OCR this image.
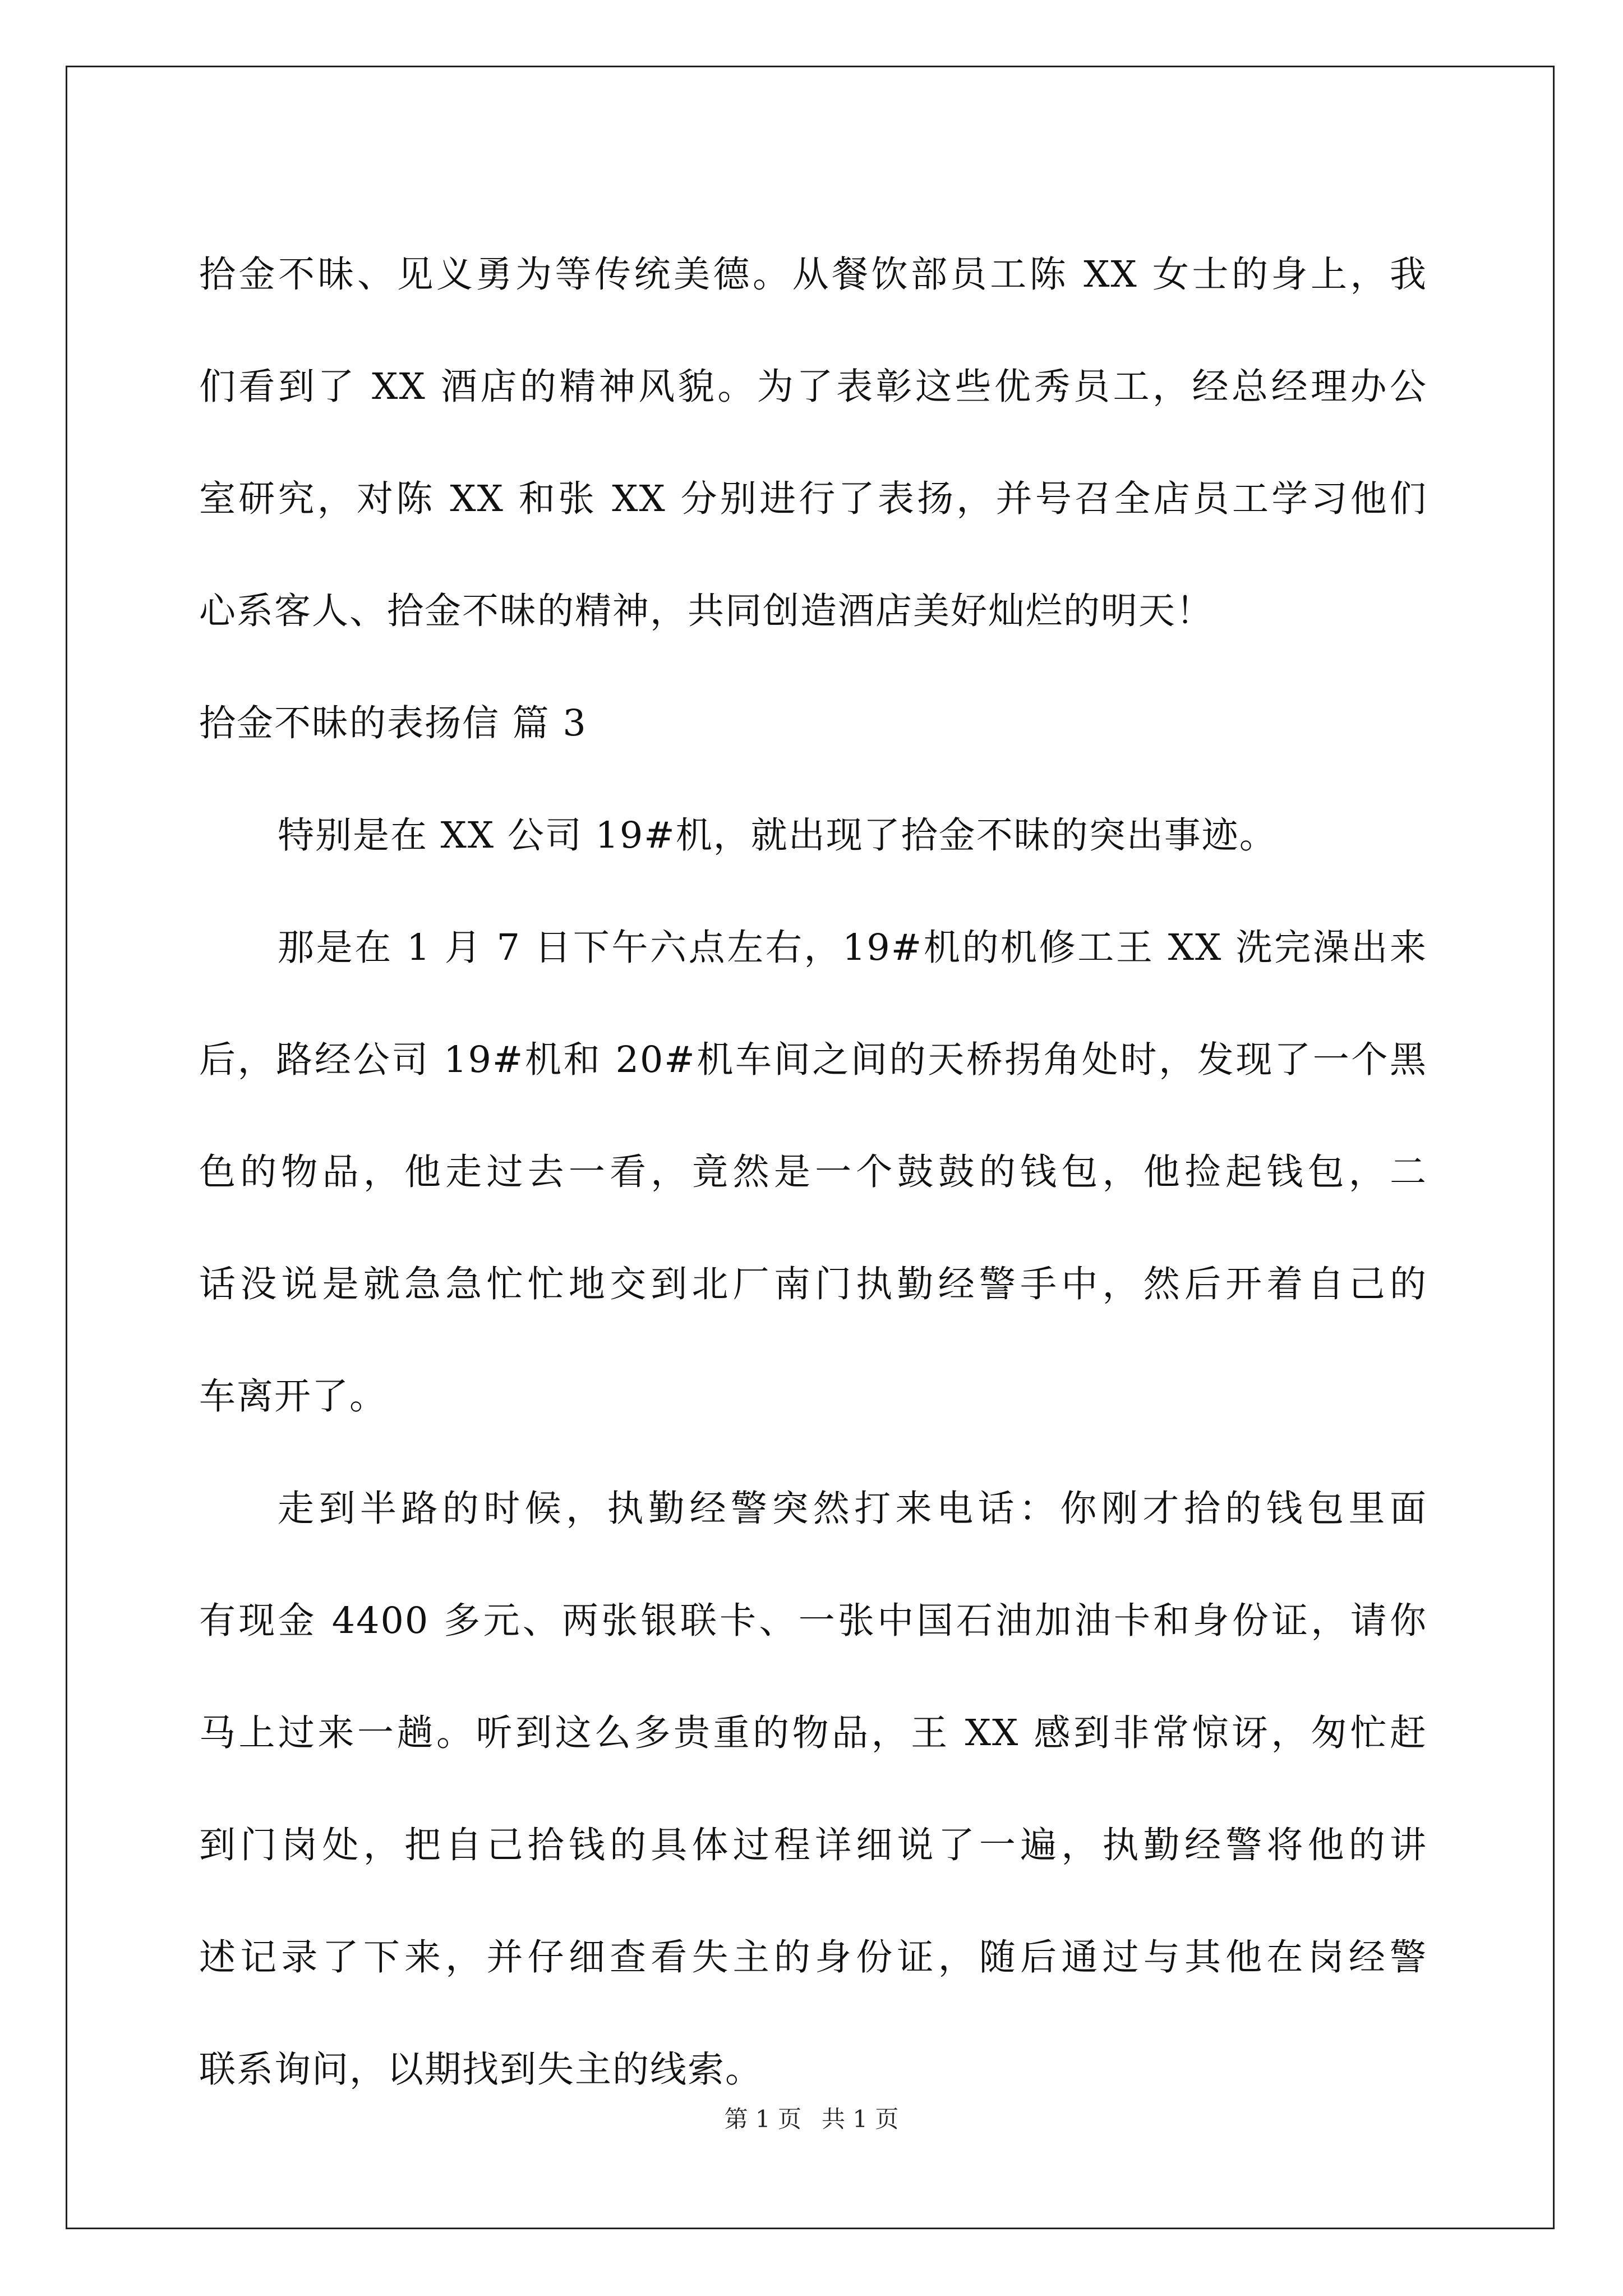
拾金不昧、见义勇为等传统美德。从餐饮部员工陈 XX 女士的身上，我
们看到了 XX 酒店的精神风貌。为了表彰这些优秀员工，经总经理办公
室研究，对陈 XX 和张 XX 分别进行了表扬，并号召全店员工学习他们
心系客人、拾金不昧的精神，共同创造酒店美好灿烂的明天！
拾金不昧的表扬信 篇 3
特别是在 XX 公司 19#机，就出现了拾金不昧的突出事迹。
那是在 1 月 7 日下午六点左右，19#机的机修工王 XX 洗完澡出来
后，路经公司 19#机和 20#机车间之间的天桥拐角处时，发现了一个黑
色的物品，他走过去一看，竟然是一个鼓鼓的钱包，他捡起钱包，二
话没说是就急急忙忙地交到北厂南门执勤经警手中，然后开着自己的
车离开了。
走到半路的时候，执勤经警突然打来电话：你刚才拾的钱包里面
有现金 4400 多元、两张银联卡、一张中国石油加油卡和身份证，请你
马上过来一趟。听到这么多贵重的物品，王 XX 感到非常惊讶，匆忙赶
到门岗处，把自己拾钱的具体过程详细说了一遍，执勤经警将他的讲
述记录了下来，并仔细查看失主的身份证，随后通过与其他在岗经警
联系询问，以期找到失主的线索。
第 1 页 共 1 页
